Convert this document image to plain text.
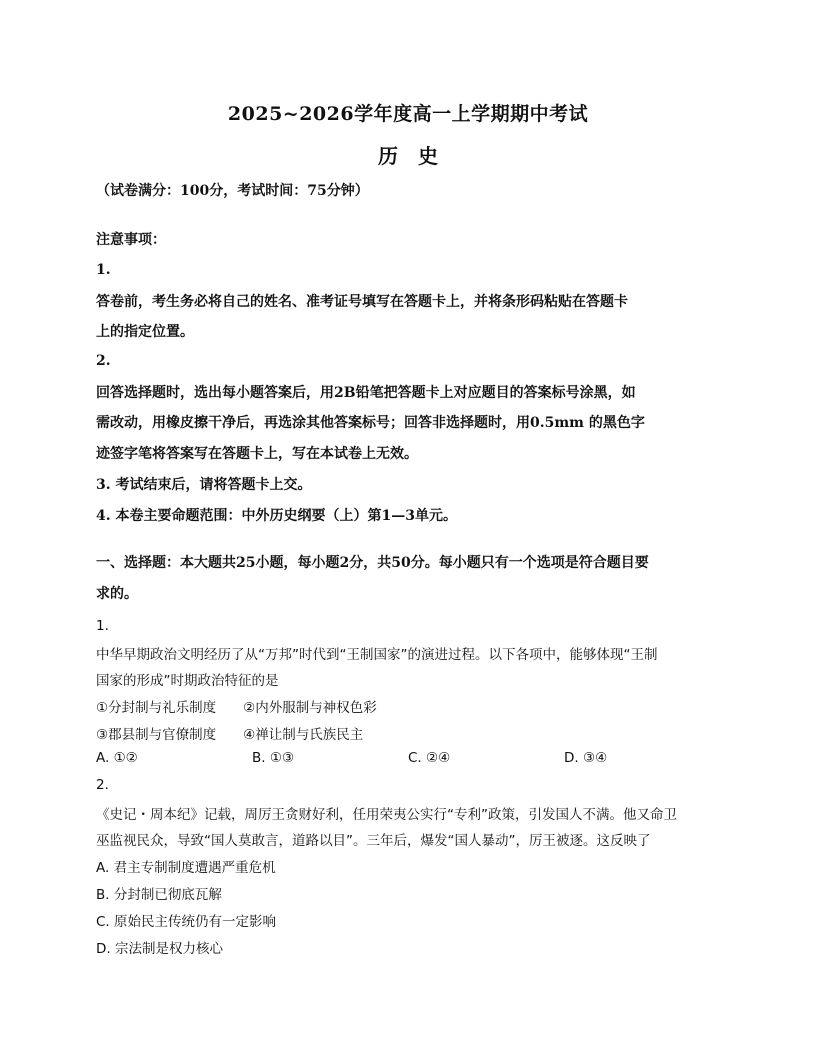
2025~2026学年度高一上学期期中考试
历　史
（试卷满分：100分，考试时间：75分钟）
注意事项：
1.
答卷前，考生务必将自己的姓名、准考证号填写在答题卡上，并将条形码粘贴在答题卡
上的指定位置。
2.
回答选择题时，选出每小题答案后，用2B铅笔把答题卡上对应题目的答案标号涂黑，如
需改动，用橡皮擦干净后，再选涂其他答案标号；回答非选择题时，用0.5mm 的黑色字
迹签字笔将答案写在答题卡上，写在本试卷上无效。
3. 考试结束后，请将答题卡上交。
4. 本卷主要命题范围：中外历史纲要（上）第1—3单元。
一、选择题：本大题共25小题，每小题2分，共50分。每小题只有一个选项是符合题目要
求的。
1.
中华早期政治文明经历了从“万邦”时代到“王制国家”的演进过程。以下各项中，能够体现“王制
国家的形成”时期政治特征的是
①分封制与礼乐制度　　②内外服制与神权色彩
③郡县制与官僚制度　　④禅让制与氏族民主
A. ①②	B. ①③	C. ②④	D. ③④
2.
《史记・周本纪》记载，周厉王贪财好利，任用荣夷公实行“专利”政策，引发国人不满。他又命卫
巫监视民众，导致“国人莫敢言，道路以目”。三年后，爆发“国人暴动”，厉王被逐。这反映了
A. 君主专制制度遭遇严重危机
B. 分封制已彻底瓦解
C. 原始民主传统仍有一定影响
D. 宗法制是权力核心
